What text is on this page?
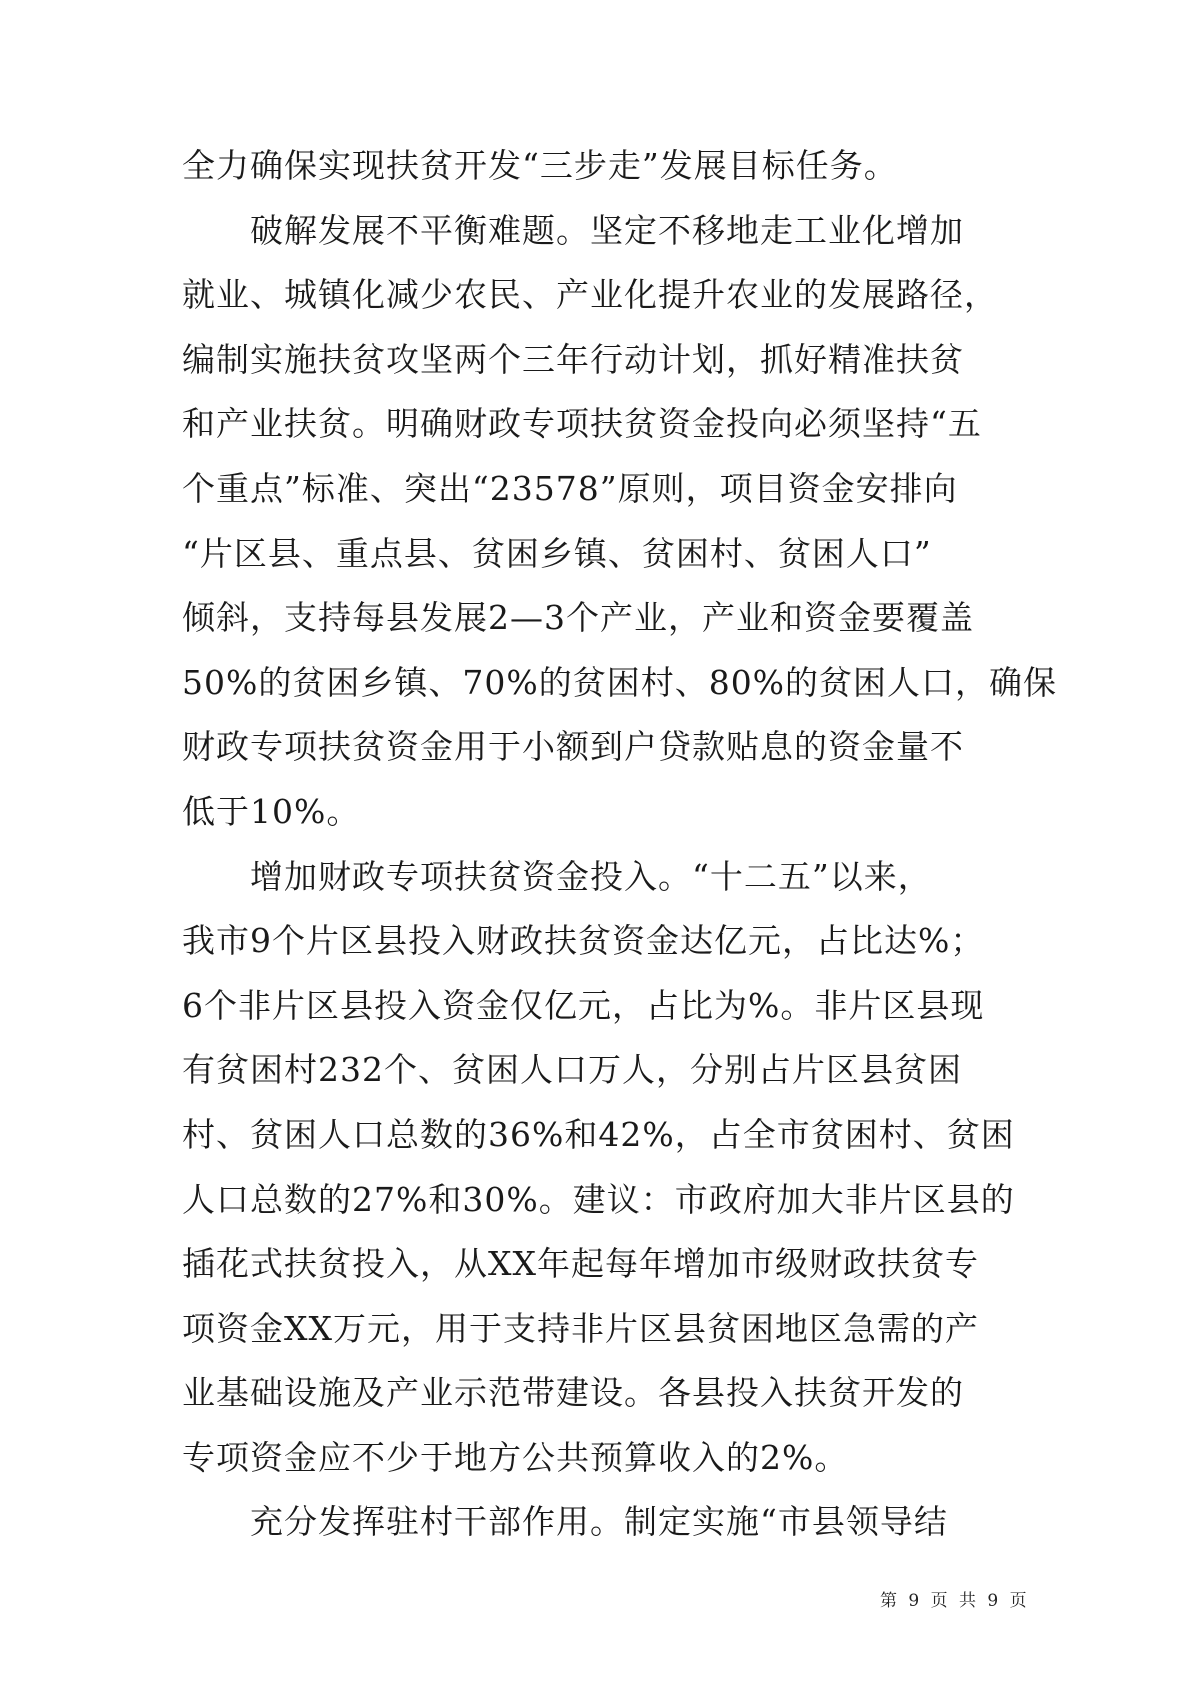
全力确保实现扶贫开发“三步走”发展目标任务。

　　破解发展不平衡难题。坚定不移地走工业化增加
就业、城镇化减少农民、产业化提升农业的发展路径，
编制实施扶贫攻坚两个三年行动计划，抓好精准扶贫
和产业扶贫。明确财政专项扶贫资金投向必须坚持“五
个重点”标准、突出“23578”原则，项目资金安排向
“片区县、重点县、贫困乡镇、贫困村、贫困人口”
倾斜，支持每县发展2—3个产业，产业和资金要覆盖
50%的贫困乡镇、70%的贫困村、80%的贫困人口，确保
财政专项扶贫资金用于小额到户贷款贴息的资金量不
低于10%。

　　增加财政专项扶贫资金投入。“十二五”以来，
我市9个片区县投入财政扶贫资金达亿元，占比达%；
6个非片区县投入资金仅亿元，占比为%。非片区县现
有贫困村232个、贫困人口万人，分别占片区县贫困
村、贫困人口总数的36%和42%，占全市贫困村、贫困
人口总数的27%和30%。建议：市政府加大非片区县的
插花式扶贫投入，从XX年起每年增加市级财政扶贫专
项资金XX万元，用于支持非片区县贫困地区急需的产
业基础设施及产业示范带建设。各县投入扶贫开发的
专项资金应不少于地方公共预算收入的2%。

　　充分发挥驻村干部作用。制定实施“市县领导结

第 9 页 共 9 页
